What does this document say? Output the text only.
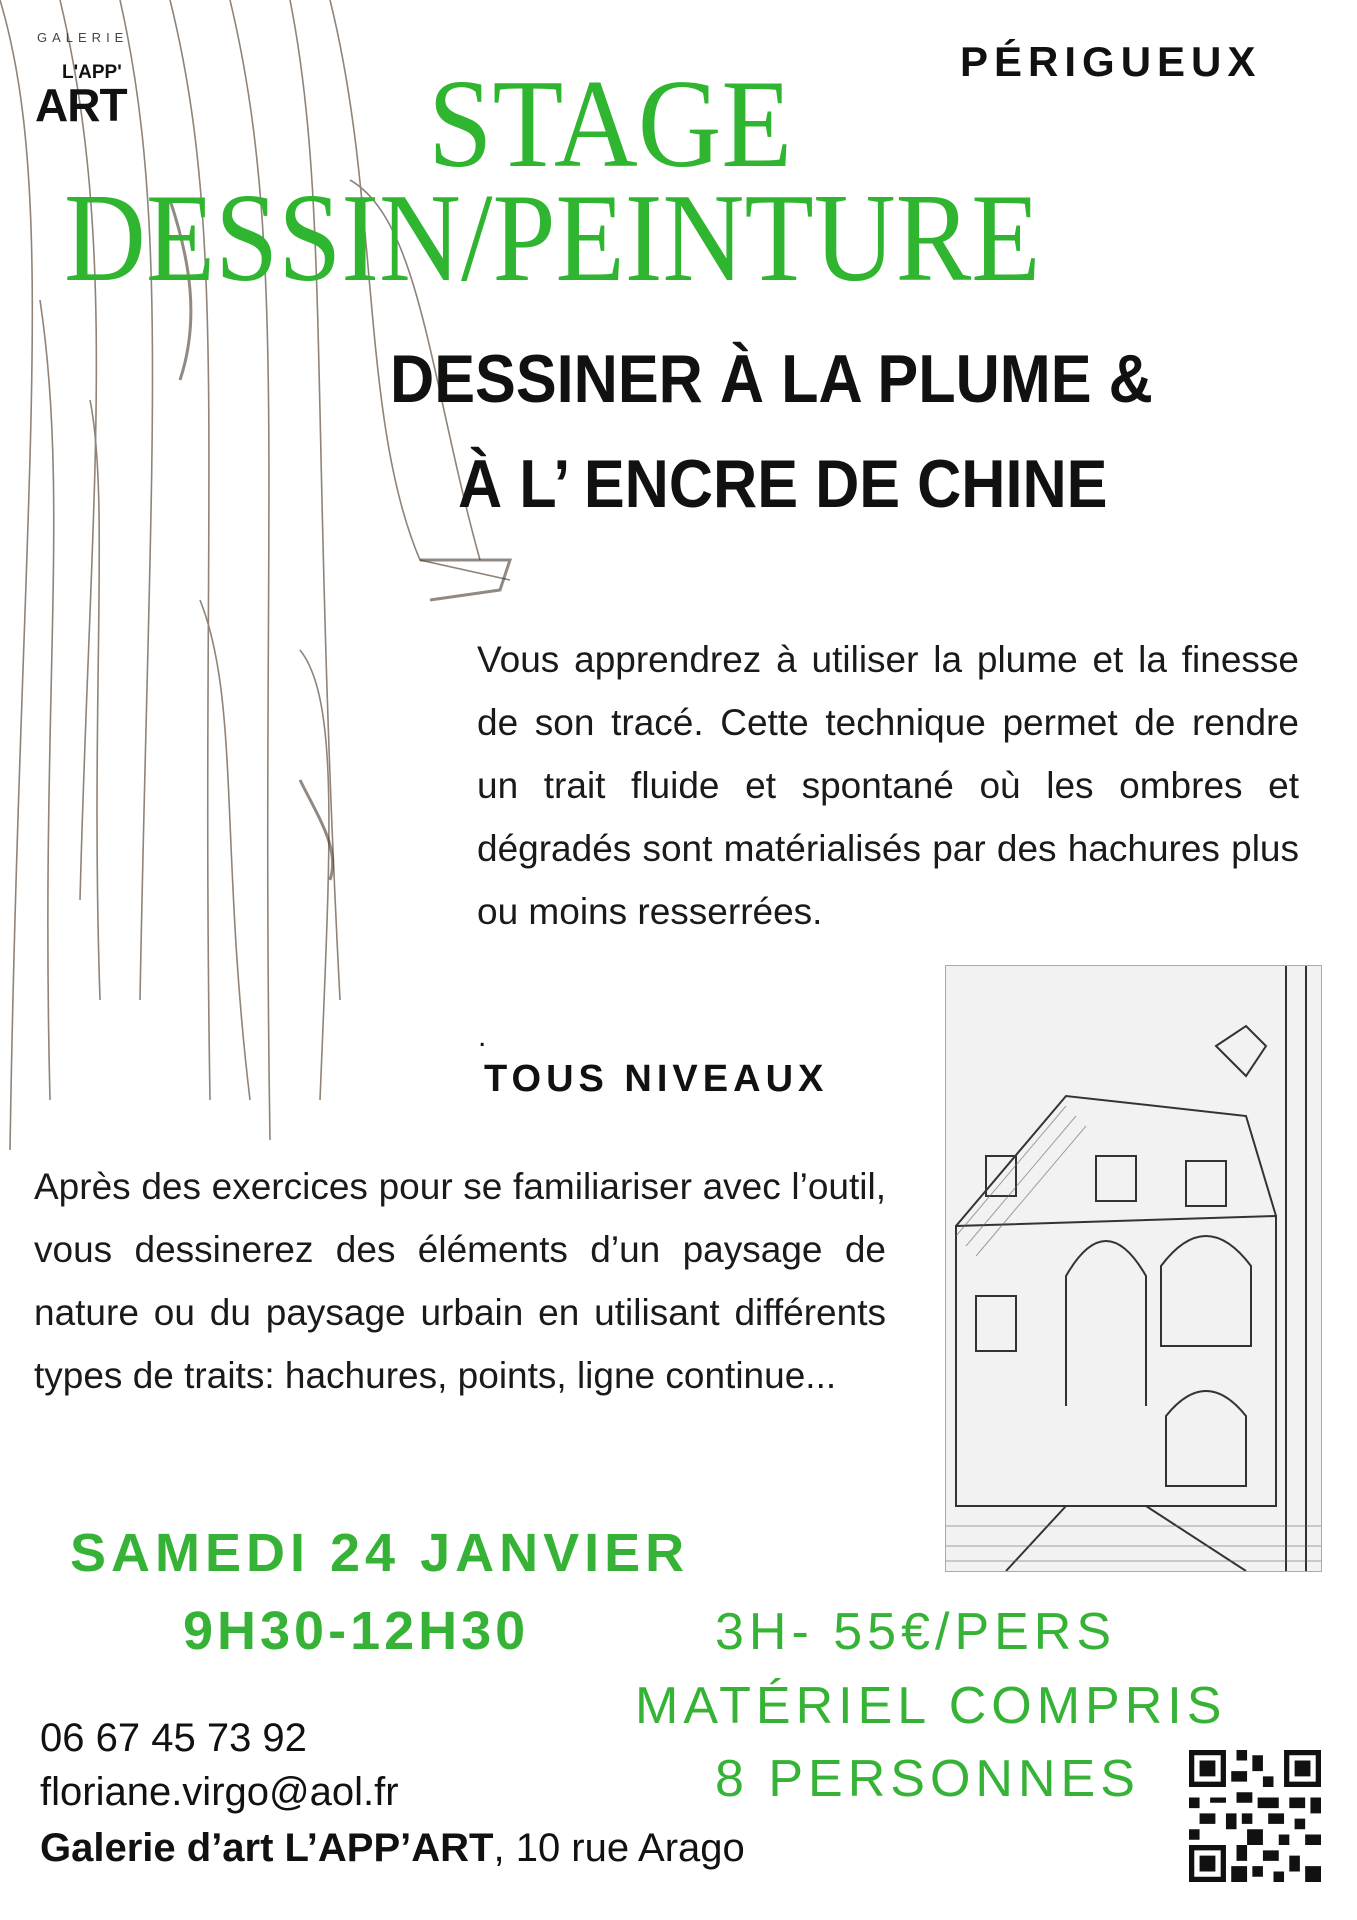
GALERIE
L'APP'
ART
PÉRIGUEUX
STAGE
DESSIN/PEINTURE
DESSINER À LA PLUME &
À L’ ENCRE DE CHINE
Vous apprendrez à utiliser la plume et la finesse de son tracé. Cette technique permet de rendre un trait fluide et spontané où les ombres et dégradés sont matérialisés par des hachures plus ou moins resserrées.
.
TOUS NIVEAUX
Après des exercices pour se familiariser avec l’outil, vous dessinerez des éléments d’un paysage de nature ou du paysage urbain en utilisant différents types de traits: hachures, points, ligne continue...
SAMEDI 24 JANVIER
9H30-12H30	3H- 55€/PERS
MATÉRIEL COMPRIS
8 PERSONNES
06 67 45 73 92
floriane.virgo@aol.fr
Galerie d’art L’APP’ART, 10 rue Arago
